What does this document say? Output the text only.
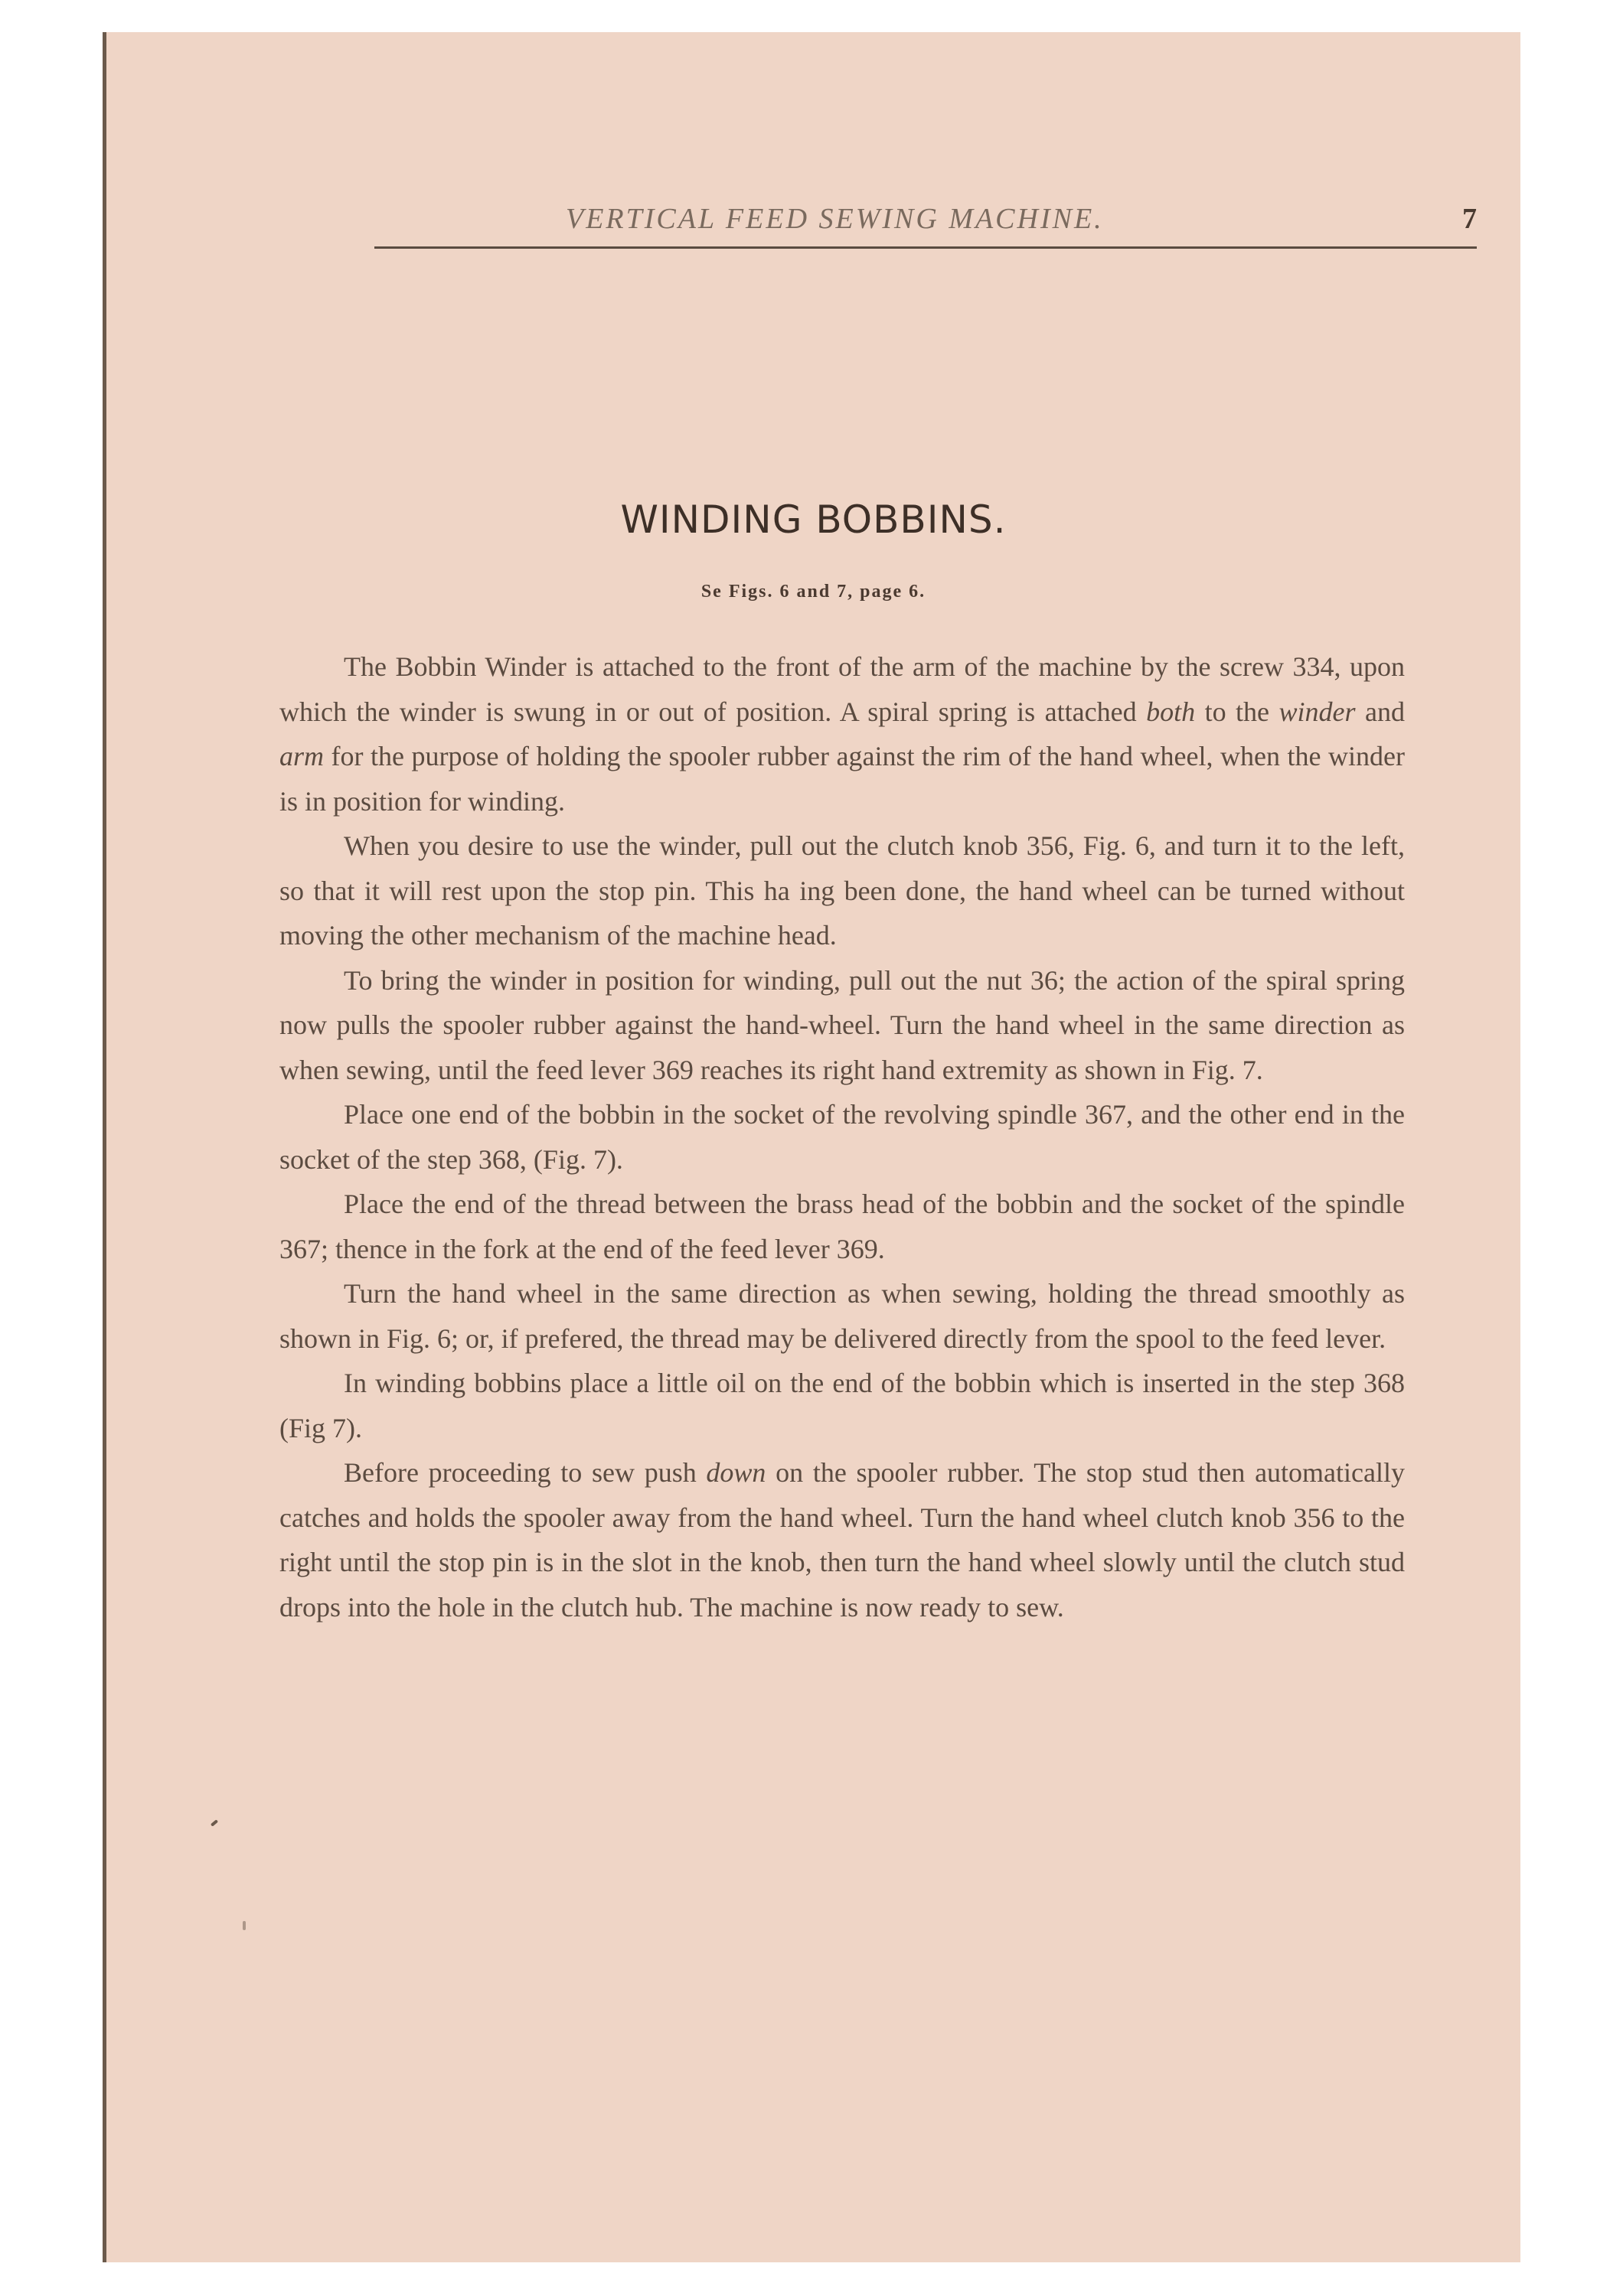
VERTICAL FEED SEWING MACHINE.	7
WINDING BOBBINS.
Se Figs. 6 and 7, page 6.

The Bobbin Winder is attached to the front of the arm of the machine by the screw 334, upon which the winder is swung in or out of position. A spiral spring is attached both to the winder and arm for the purpose of holding the spooler rubber against the rim of the hand wheel, when the winder is in position for winding.

When you desire to use the winder, pull out the clutch knob 356, Fig. 6, and turn it to the left, so that it will rest upon the stop pin. This ha ing been done, the hand wheel can be turned without moving the other mechanism of the machine head.

To bring the winder in position for winding, pull out the nut 36; the action of the spiral spring now pulls the spooler rubber against the hand-wheel. Turn the hand wheel in the same direction as when sewing, until the feed lever 369 reaches its right hand extremity as shown in Fig. 7.

Place one end of the bobbin in the socket of the revolving spindle 367, and the other end in the socket of the step 368, (Fig. 7).

Place the end of the thread between the brass head of the bobbin and the socket of the spindle 367; thence in the fork at the end of the feed lever 369.

Turn the hand wheel in the same direction as when sewing, holding the thread smoothly as shown in Fig. 6; or, if prefered, the thread may be delivered directly from the spool to the feed lever.

In winding bobbins place a little oil on the end of the bobbin which is inserted in the step 368 (Fig 7).

Before proceeding to sew push down on the spooler rubber. The stop stud then automatically catches and holds the spooler away from the hand wheel. Turn the hand wheel clutch knob 356 to the right until the stop pin is in the slot in the knob, then turn the hand wheel slowly until the clutch stud drops into the hole in the clutch hub. The machine is now ready to sew.
